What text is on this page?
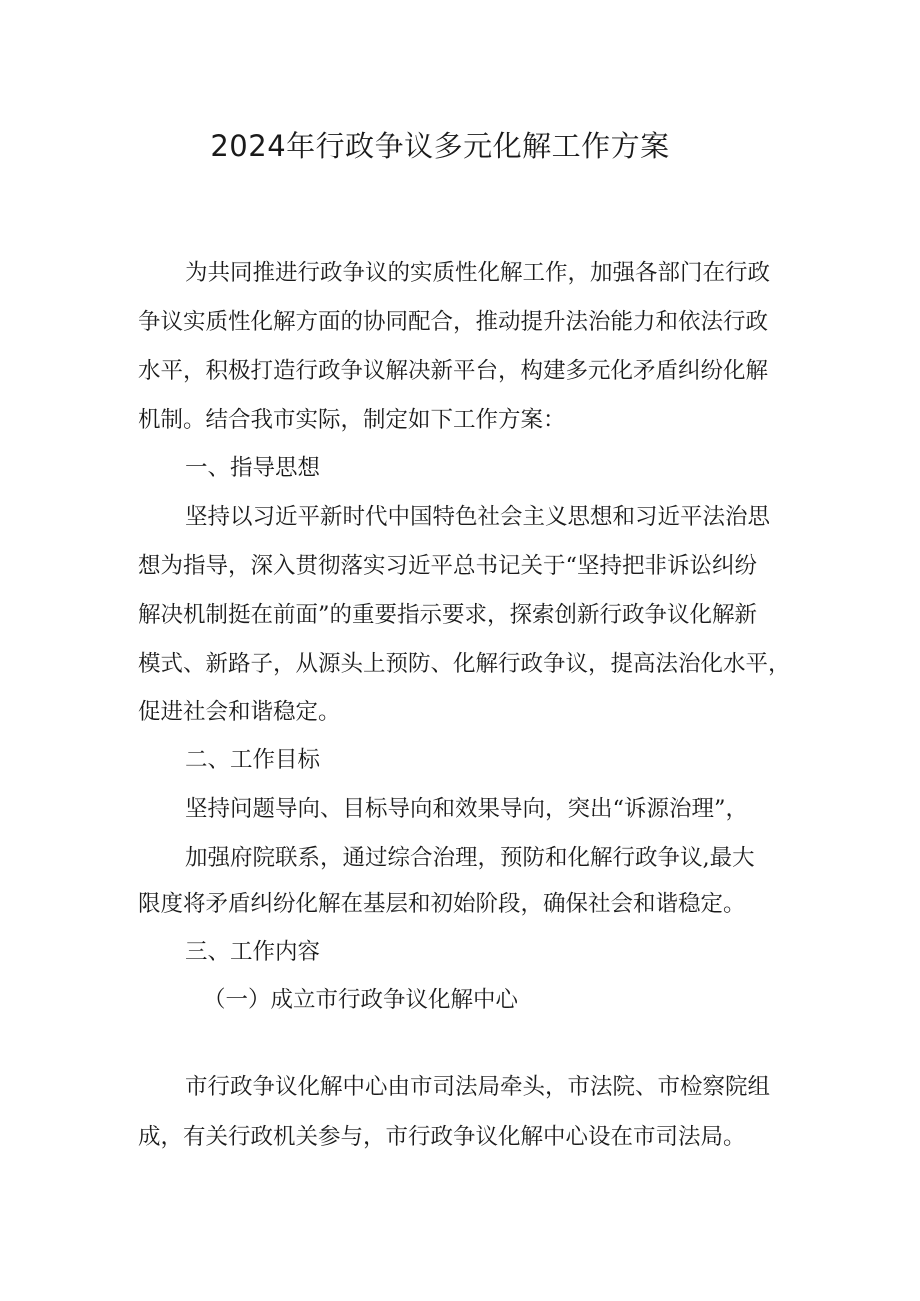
2024年行政争议多元化解工作方案

为共同推进行政争议的实质性化解工作，加强各部门在行政

争议实质性化解方面的协同配合，推动提升法治能力和依法行政

水平，积极打造行政争议解决新平台，构建多元化矛盾纠纷化解

机制。结合我市实际，制定如下工作方案：

一、指导思想

坚持以习近平新时代中国特色社会主义思想和习近平法治思

想为指导，深入贯彻落实习近平总书记关于“坚持把非诉讼纠纷

解决机制挺在前面”的重要指示要求，探索创新行政争议化解新

模式、新路子，从源头上预防、化解行政争议，提高法治化水平，

促进社会和谐稳定。

二、工作目标

坚持问题导向、目标导向和效果导向，突出“诉源治理”，

加强府院联系，通过综合治理，预防和化解行政争议,最大

限度将矛盾纠纷化解在基层和初始阶段，确保社会和谐稳定。

三、工作内容

（一）成立市行政争议化解中心

市行政争议化解中心由市司法局牵头，市法院、市检察院组

成，有关行政机关参与，市行政争议化解中心设在市司法局。
